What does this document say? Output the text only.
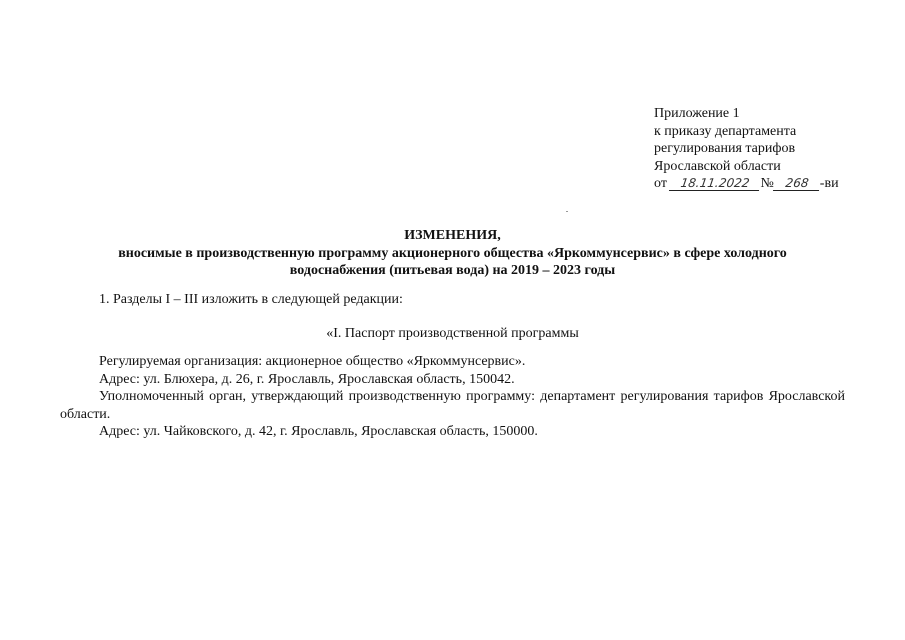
Приложение 1
к приказу департамента
регулирования тарифов
Ярославской области
от 18.11.2022 № 268 -ви
ИЗМЕНЕНИЯ,
вносимые в производственную программу акционерного общества «Яркоммунсервис» в сфере холодного
водоснабжения (питьевая вода) на 2019 – 2023 годы
1. Разделы I – III изложить в следующей редакции:
«I. Паспорт производственной программы

Регулируемая организация: акционерное общество «Яркоммунсервис».

Адрес: ул. Блюхера, д. 26, г. Ярославль, Ярославская область, 150042.

Уполномоченный орган, утверждающий производственную программу: департамент регулирования тарифов Ярославской области.

Адрес: ул. Чайковского, д. 42, г. Ярославль, Ярославская область, 150000.
